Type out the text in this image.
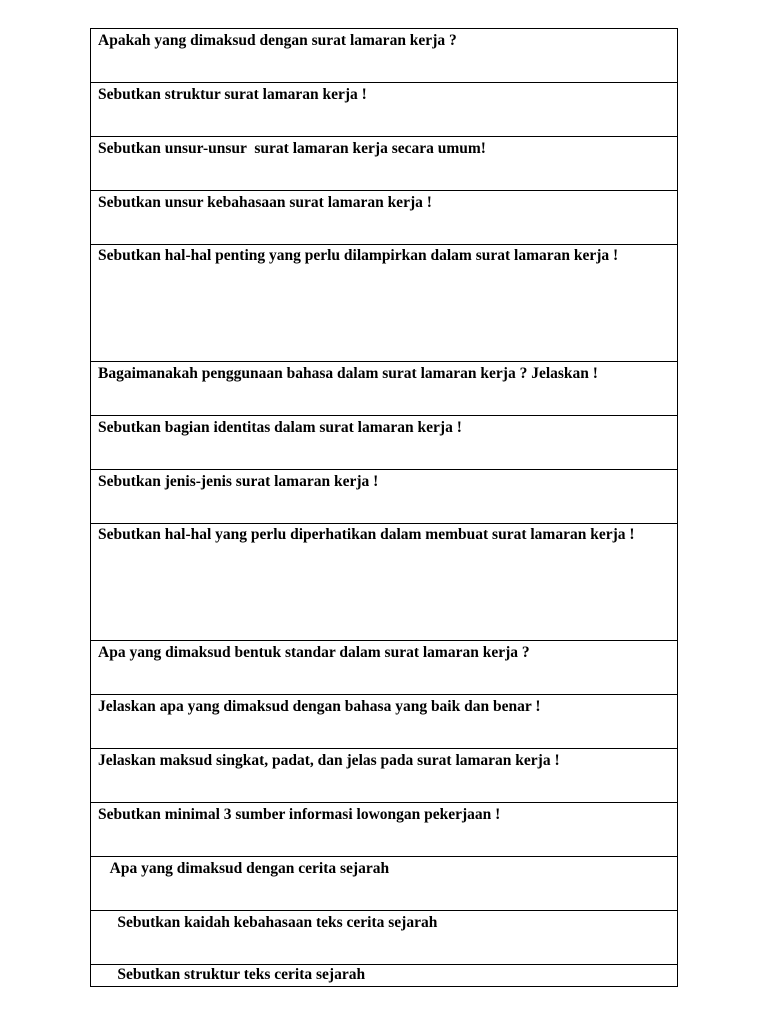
Apakah yang dimaksud dengan surat lamaran kerja ?

Sebutkan struktur surat lamaran kerja !

Sebutkan unsur-unsur  surat lamaran kerja secara umum!

Sebutkan unsur kebahasaan surat lamaran kerja !

Sebutkan hal-hal penting yang perlu dilampirkan dalam surat lamaran kerja !

Bagaimanakah penggunaan bahasa dalam surat lamaran kerja ? Jelaskan !

Sebutkan bagian identitas dalam surat lamaran kerja !

Sebutkan jenis-jenis surat lamaran kerja !

Sebutkan hal-hal yang perlu diperhatikan dalam membuat surat lamaran kerja !

Apa yang dimaksud bentuk standar dalam surat lamaran kerja ?

Jelaskan apa yang dimaksud dengan bahasa yang baik dan benar !

Jelaskan maksud singkat, padat, dan jelas pada surat lamaran kerja !

Sebutkan minimal 3 sumber informasi lowongan pekerjaan !

Apa yang dimaksud dengan cerita sejarah

Sebutkan kaidah kebahasaan teks cerita sejarah

Sebutkan struktur teks cerita sejarah
